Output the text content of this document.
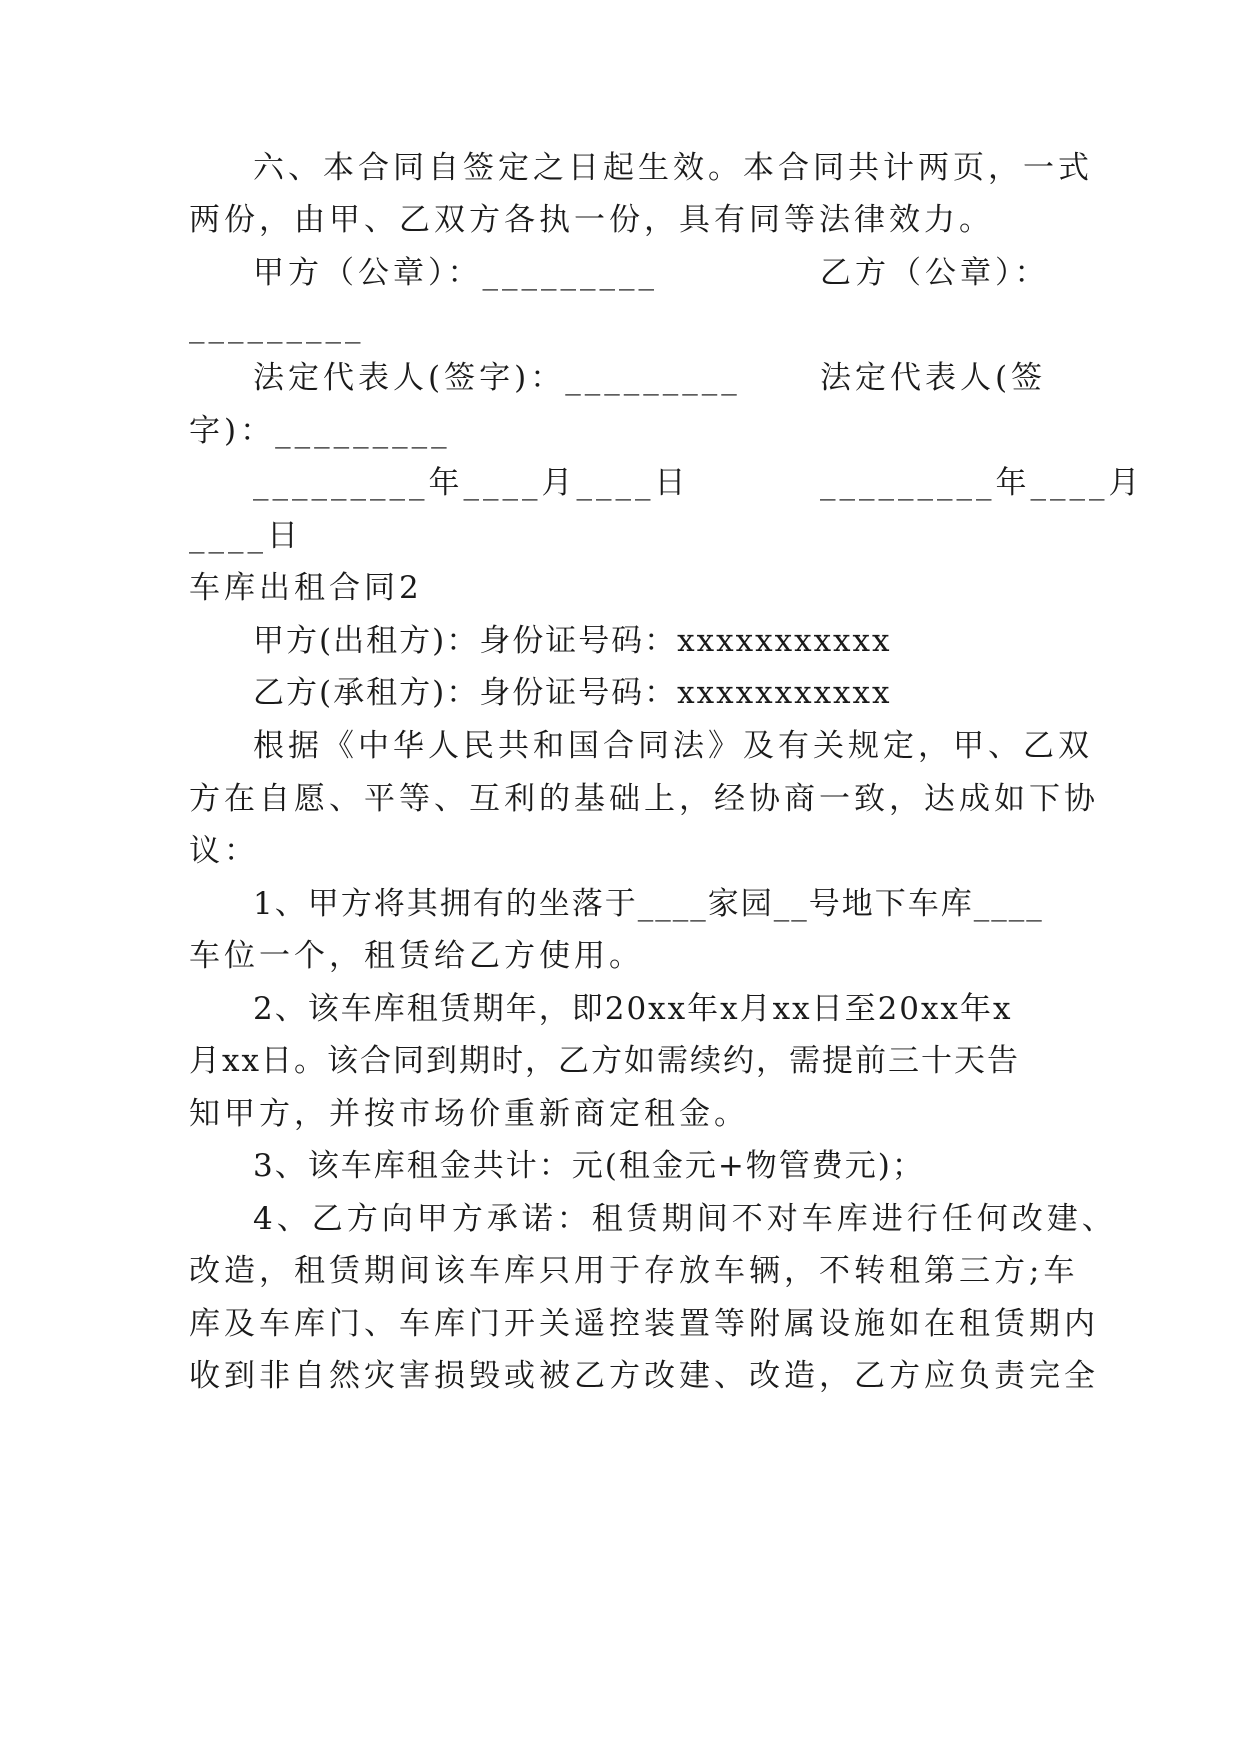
六、本合同自签定之日起生效。本合同共计两页，一式
两份，由甲、乙双方各执一份，具有同等法律效力。
甲方（公章）：_________	乙方（公章）：
_________
法定代表人(签字)：_________	法定代表人(签
字)：_________
_________年____月____日	_________年____月
____日
车库出租合同2
甲方(出租方)：身份证号码：xxxxxxxxxxx
乙方(承租方)：身份证号码：xxxxxxxxxxx
根据《中华人民共和国合同法》及有关规定，甲、乙双
方在自愿、平等、互利的基础上，经协商一致，达成如下协
议：
1、甲方将其拥有的坐落于____家园__号地下车库____
车位一个，租赁给乙方使用。
2、该车库租赁期年，即20xx年x月xx日至20xx年x
月xx日。该合同到期时，乙方如需续约，需提前三十天告
知甲方，并按市场价重新商定租金。
3、该车库租金共计：元(租金元+物管费元)；
4、乙方向甲方承诺：租赁期间不对车库进行任何改建、
改造，租赁期间该车库只用于存放车辆，不转租第三方;车
库及车库门、车库门开关遥控装置等附属设施如在租赁期内
收到非自然灾害损毁或被乙方改建、改造，乙方应负责完全
